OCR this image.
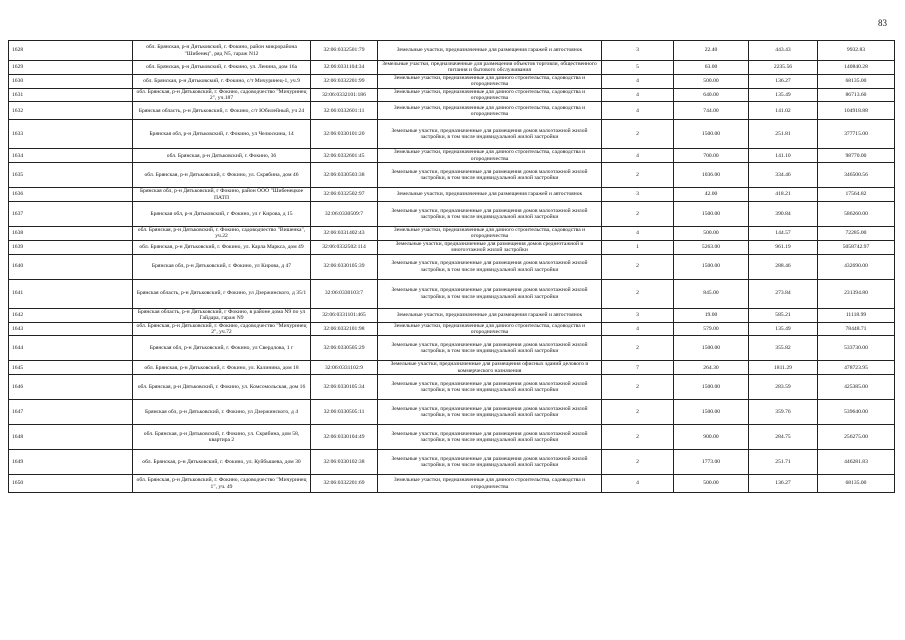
83
1628	обл. Брянская, р-н Дятьковский, г. Фокино, район микрорайона "Шибенец", ряд N5, гараж N12	32:06:0332501:79	Земельные участки, предназначенные для размещения гаражей и автостоянок	3	22.40	443.43	9932.83
1629	обл. Брянская, р-н Дятьковский, г. Фокино, ул. Ленина, дом 16а	32:06:0331104:34	Земельные участки, предназначенные для размещения объектов торговли, общественного питания и бытового обслуживания	5	63.00	2235.56	140840.28
1630	обл. Брянская, р-н Дятьковский, г. Фокино, с/т Мичуринец-1, уч.9	32:06:0332201:99	Земельные участки, предназначенные для дачного строительства, садоводства и огородничества	4	500.00	136.27	68135.00
1631	обл. Брянская, р-н Дятьковский, г. Фокино, садоводчество "Мичуринец 2", уч.187	32:06:0332101:186	Земельные участки, предназначенные для дачного строительства, садоводства и огородничества	4	640.00	135.49	86713.60
1632	Брянская область, р-н Дятьковский, г. Фокино, с/т Юбилейный, уч 24	32:06:0332601:11	Земельные участки, предназначенные для дачного строительства, садоводства и огородничества	4	744.00	141.02	104918.88
1633	Брянская обл, р-н Дятьковский, г. Фокино, ул Челюскина, 14	32:06:0330101:20	Земельные участки, предназначенные для размещения домов малоэтажной жилой застройки, в том числе индивидуальной жилой застройки	2	1500.00	251.81	377715.00
1634	обл. Брянская, р-н Дятьковский, г. Фокино, 36	32:06:0332601:45	Земельные участки, предназначенные для дачного строительства, садоводства и огородничества	4	700.00	141.10	98770.00
1635	обл. Брянская, р-н Дятьковский, г. Фокино, ул. Скрябина, дом 46	32:06:0330503:38	Земельные участки, предназначенные для размещения домов малоэтажной жилой застройки, в том числе индивидуальной жилой застройки	2	1036.00	334.46	346500.56
1636	Брянская обл, р-н Дятьковский, г Фокино, район ООО "Шибенецкое ПАТП	32:06:0332502:97	Земельные участки, предназначенные для размещения гаражей и автостоянок	3	42.00	418.21	17564.82
1637	Брянская обл, р-н Дятьковский, г Фокино, ул г Кирова, д 15	32:06:0330509:7	Земельные участки, предназначенные для размещения домов малоэтажной жилой застройки, в том числе индивидуальной жилой застройки	2	1500.00	390.84	586260.00
1638	обл. Брянская, р-н Дятьковский, г. Фокино, садоводчество "Вишенка", уч.22	32:06:0331402:43	Земельные участки, предназначенные для дачного строительства, садоводства и огородничества	4	500.00	144.57	72285.00
1639	обл. Брянская, р-н Дятьковский, г. Фокино, ул. Карла Маркса, дом 49	32:06:0332502:114	Земельные участки, предназначенные для размещения домов среднеэтажной и многоэтажной жилой застройки	1	5263.00	961.19	5058742.97
1640	Брянская обл, р-н Дятьковский, г. Фокино, ул Кирова, д 47	32:06:0330105:39	Земельные участки, предназначенные для размещения домов малоэтажной жилой застройки, в том числе индивидуальной жилой застройки	2	1500.00	288.46	432690.00
1641	Брянская область, р-н Дятьковский, г Фокино, ул Дзержинского, д 35/1	32:06:0330103:7	Земельные участки, предназначенные для размещения домов малоэтажной жилой застройки, в том числе индивидуальной жилой застройки	2	845.00	273.84	231394.80
1642	Брянская область, р-н Дятьковский, г Фокино, в районе дома N9 по ул Гайдара, гараж N9	32:06:0331101:465	Земельные участки, предназначенные для размещения гаражей и автостоянок	3	19.00	585.21	11118.99
1643	обл. Брянская, р-н Дятьковский, г. Фокино, садоводчество "Мичуринец 2", уч.72	32:06:0332101:98	Земельные участки, предназначенные для дачного строительства, садоводства и огородничества	4	579.00	135.49	78448.71
1644	Брянская обл, р-н Дятьковский, г. Фокино, ул Свердлова, 1 г	32:06:0330505:29	Земельные участки, предназначенные для размещения домов малоэтажной жилой застройки, в том числе индивидуальной жилой застройки	2	1500.00	355.82	533730.00
1645	обл. Брянская, р-н Дятьковский, г. Фокино, ул. Калинина, дом 18	32:06:0331102:9	Земельные участки, предназначенные для размещения офисных зданий делового и коммерческого назначения	7	264.30	1811.29	478723.95
1646	обл. Брянская, р-н Дятьковский, г. Фокино, ул. Комсомольская, дом 16	32:06:0330105:34	Земельные участки, предназначенные для размещения домов малоэтажной жилой застройки, в том числе индивидуальной жилой застройки	2	1500.00	283.59	425385.00
1647	Брянская обл, р-н Дятьковский, г. Фокино, ул Дзержинского, д 4	32:06:0330505:11	Земельные участки, предназначенные для размещения домов малоэтажной жилой застройки, в том числе индивидуальной жилой застройки	2	1500.00	359.76	539640.00
1648	обл. Брянская, р-н Дятьковский, г. Фокино, ул. Скрябина, дом 58, квартира 2	32:06:0330104:49	Земельные участки, предназначенные для размещения домов малоэтажной жилой застройки, в том числе индивидуальной жилой застройки	2	900.00	284.75	256275.00
1649	обл. Брянская, р-н Дятьковский, г. Фокино, ул. Куйбышева, дом 30	32:06:0330102:38	Земельные участки, предназначенные для размещения домов малоэтажной жилой застройки, в том числе индивидуальной жилой застройки	2	1773.00	251.71	446281.83
1650	обл. Брянская, р-н Дятьковский, г. Фокино, садоводчество "Мичуринец 1", уч. 49	32:06:0332201:69	Земельные участки, предназначенные для дачного строительства, садоводства и огородничества	4	500.00	136.27	68135.00
